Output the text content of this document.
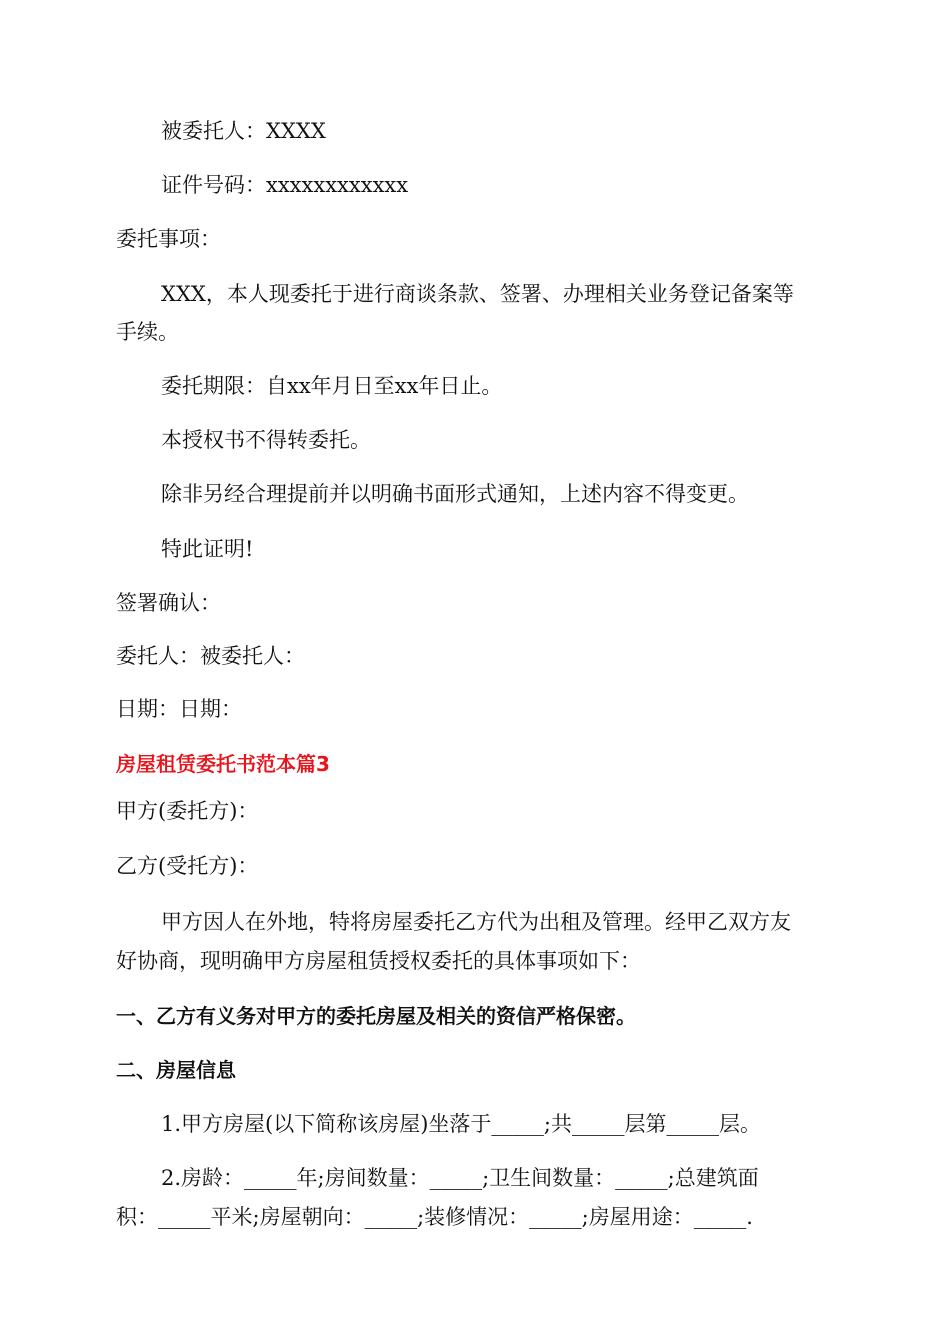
被委托人：XXXX
证件号码：xxxxxxxxxxxx
委托事项：
XXX，本人现委托于进行商谈条款、签署、办理相关业务登记备案等
手续。
委托期限：自xx年月日至xx年日止。
本授权书不得转委托。
除非另经合理提前并以明确书面形式通知，上述内容不得变更。
特此证明!
签署确认：
委托人：被委托人：
日期：日期：
房屋租赁委托书范本篇3
甲方(委托方)：
乙方(受托方)：
甲方因人在外地，特将房屋委托乙方代为出租及管理。经甲乙双方友
好协商，现明确甲方房屋租赁授权委托的具体事项如下：
一、乙方有义务对甲方的委托房屋及相关的资信严格保密。
二、房屋信息
1.甲方房屋(以下简称该房屋)坐落于_____;共_____层第_____层。
2.房龄：_____年;房间数量：_____;卫生间数量：_____;总建筑面
积：_____平米;房屋朝向：_____;装修情况：_____;房屋用途：_____.
